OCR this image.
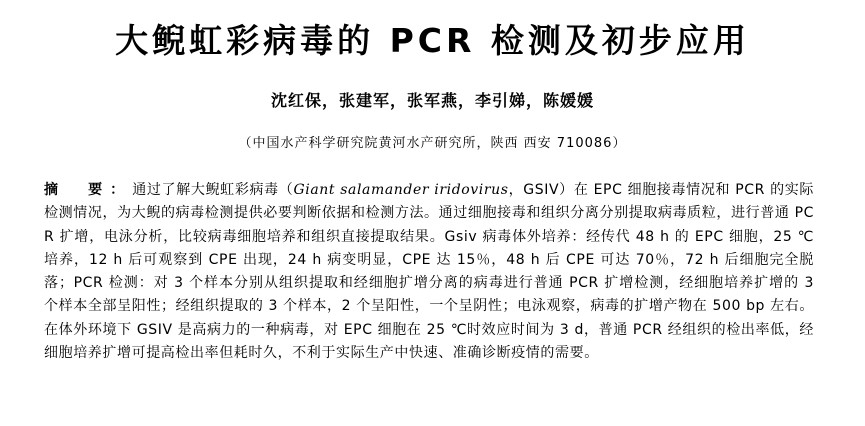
大鲵虹彩病毒的 PCR 检测及初步应用
沈红保，张建军，张军燕，李引娣，陈媛媛
（中国水产科学研究院黄河水产研究所，陕西 西安 710086）
摘　要：通过了解大鲵虹彩病毒（Giant salamander iridovirus，GSIV）在 EPC 细胞接毒情况和 PCR 的实际检测情况，为大鲵的病毒检测提供必要判断依据和检测方法。通过细胞接毒和组织分离分别提取病毒质粒，进行普通 PCR 扩增，电泳分析，比较病毒细胞培养和组织直接提取结果。Gsiv 病毒体外培养：经传代 48 h 的 EPC 细胞，25 ℃培养，12 h 后可观察到 CPE 出现，24 h 病变明显，CPE 达 15％，48 h 后 CPE 可达 70％，72 h 后细胞完全脱落；PCR 检测：对 3 个样本分别从组织提取和经细胞扩增分离的病毒进行普通 PCR 扩增检测，经细胞培养扩增的 3 个样本全部呈阳性；经组织提取的 3 个样本，2 个呈阳性，一个呈阴性；电泳观察，病毒的扩增产物在 500 bp 左右。在体外环境下 GSIV 是高病力的一种病毒，对 EPC 细胞在 25 ℃时效应时间为 3 d，普通 PCR 经组织的检出率低，经细胞培养扩增可提高检出率但耗时久，不利于实际生产中快速、准确诊断疫情的需要。
